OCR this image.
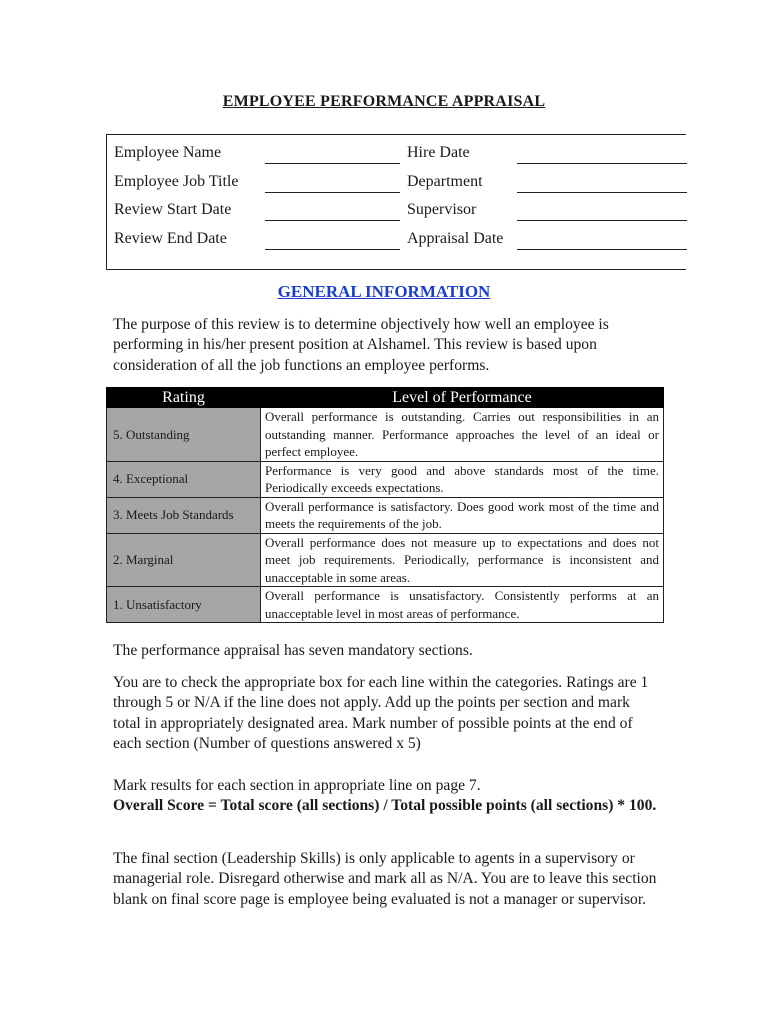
EMPLOYEE PERFORMANCE APPRAISAL
Employee Name	Hire Date
Employee Job Title	Department
Review Start Date	Supervisor
Review End Date	Appraisal Date
GENERAL INFORMATION

The purpose of this review is to determine objectively how well an employee is performing in his/her present position at Alshamel. This review is based upon consideration of all the job functions an employee performs.

Rating	Level of Performance
5. Outstanding	Overall performance is outstanding. Carries out responsibilities in an outstanding manner. Performance approaches the level of an ideal or perfect employee.
4. Exceptional	Performance is very good and above standards most of the time. Periodically exceeds expectations.
3. Meets Job Standards	Overall performance is satisfactory. Does good work most of the time and meets the requirements of the job.
2. Marginal	Overall performance does not measure up to expectations and does not meet job requirements. Periodically, performance is inconsistent and unacceptable in some areas.
1. Unsatisfactory	Overall performance is unsatisfactory. Consistently performs at an unacceptable level in most areas of performance.

The performance appraisal has seven mandatory sections.

You are to check the appropriate box for each line within the categories. Ratings are 1 through 5 or N/A if the line does not apply. Add up the points per section and mark total in appropriately designated area. Mark number of possible points at the end of each section (Number of questions answered x 5)

Mark results for each section in appropriate line on page 7.

Overall Score = Total score (all sections) / Total possible points (all sections) * 100.

The final section (Leadership Skills) is only applicable to agents in a supervisory or managerial role. Disregard otherwise and mark all as N/A. You are to leave this section blank on final score page is employee being evaluated is not a manager or supervisor.
